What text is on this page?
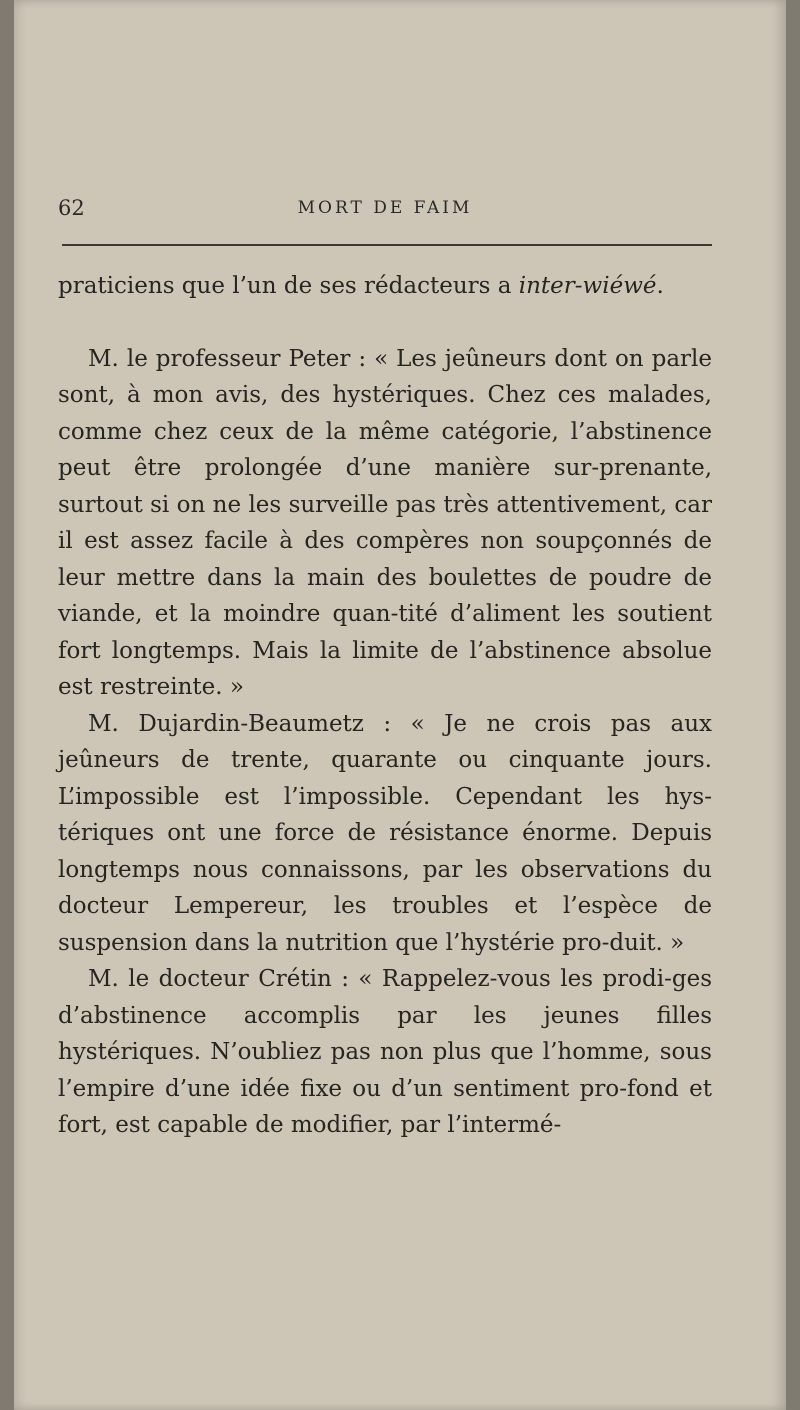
62	MORT DE FAIM

praticiens que l’un de ses rédacteurs a inter-wiéwé.

M. le professeur Peter : « Les jeûneurs dont on parle sont, à mon avis, des hystériques. Chez ces malades, comme chez ceux de la même catégorie, l’abstinence peut être prolongée d’une manière sur-prenante, surtout si on ne les surveille pas très attentivement, car il est assez facile à des compères non soupçonnés de leur mettre dans la main des boulettes de poudre de viande, et la moindre quan-tité d’aliment les soutient fort longtemps. Mais la limite de l’abstinence absolue est restreinte. »

M. Dujardin-Beaumetz : « Je ne crois pas aux jeûneurs de trente, quarante ou cinquante jours. L’impossible est l’impossible. Cependant les hys-tériques ont une force de résistance énorme. Depuis longtemps nous connaissons, par les observations du docteur Lempereur, les troubles et l’espèce de suspension dans la nutrition que l’hystérie pro-duit. »

M. le docteur Crétin : « Rappelez-vous les prodi-ges d’abstinence accomplis par les jeunes filles hystériques. N’oubliez pas non plus que l’homme, sous l’empire d’une idée fixe ou d’un sentiment pro-fond et fort, est capable de modifier, par l’intermé-
